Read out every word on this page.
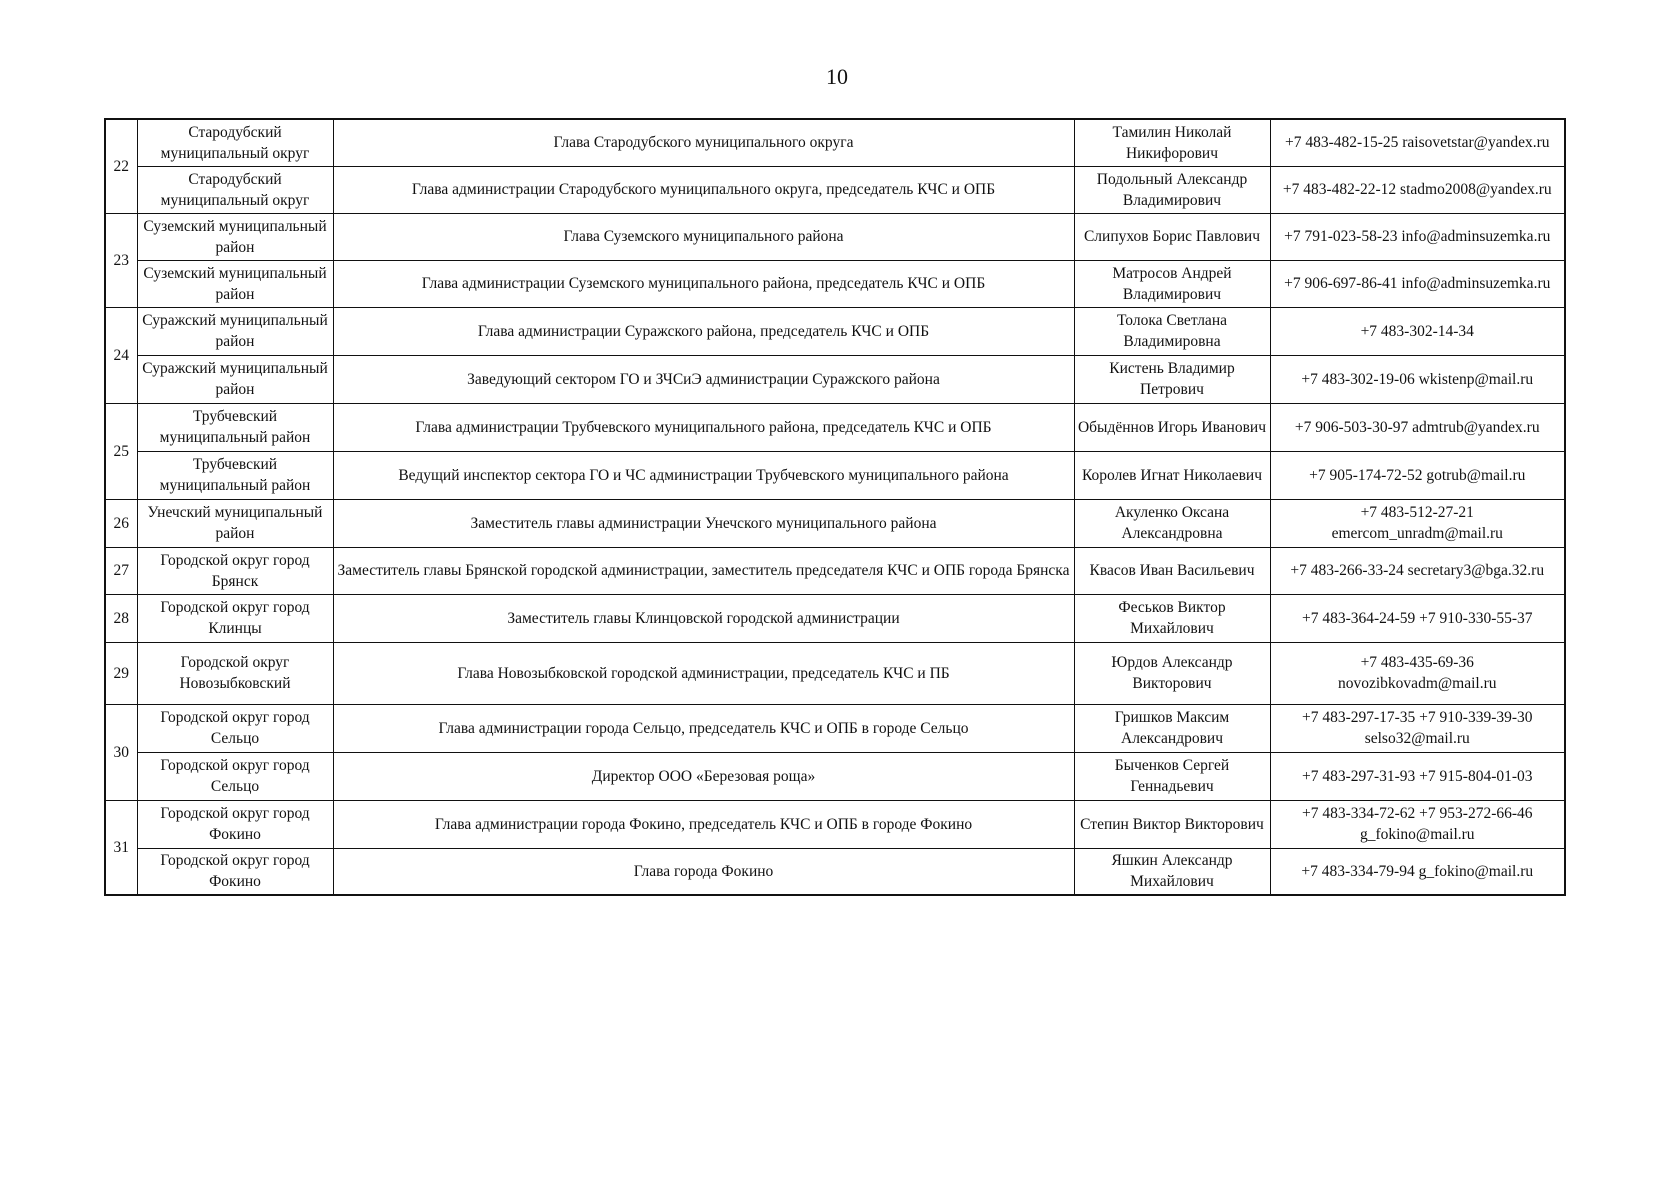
10
22	Стародубский муниципальный округ	Глава Стародубского муниципального округа	Тамилин Николай Никифорович	+7 483-482-15-25 raisovetstar@yandex.ru

	Стародубский муниципальный округ	Глава администрации Стародубского муниципального округа, председатель КЧС и ОПБ	Подольный Александр Владимирович	+7 483-482-22-12 stadmo2008@yandex.ru

23	Суземский муниципальный район	Глава Суземского муниципального района	Слипухов Борис Павлович	+7 791-023-58-23 info@adminsuzemka.ru

	Суземский муниципальный район	Глава администрации Суземского муниципального района, председатель КЧС и ОПБ	Матросов Андрей Владимирович	+7 906-697-86-41 info@adminsuzemka.ru

24	Суражский муниципальный район	Глава администрации Суражского района, председатель КЧС и ОПБ	Толока Светлана Владимировна	+7 483-302-14-34

	Суражский муниципальный район	Заведующий сектором ГО и ЗЧСиЭ администрации Суражского района	Кистень Владимир Петрович	+7 483-302-19-06 wkistenp@mail.ru

25	Трубчевский муниципальный район	Глава администрации Трубчевского муниципального района, председатель КЧС и ОПБ	Обыдённов Игорь Иванович	+7 906-503-30-97 admtrub@yandex.ru

	Трубчевский муниципальный район	Ведущий инспектор сектора ГО и ЧС администрации Трубчевского муниципального района	Королев Игнат Николаевич	+7 905-174-72-52 gotrub@mail.ru

26	Унечский муниципальный район	Заместитель главы администрации Унечского муниципального района	Акуленко Оксана Александровна	+7 483-512-27-21
emercom_unradm@mail.ru

27	Городской округ город Брянск	Заместитель главы Брянской городской администрации, заместитель председателя КЧС и ОПБ города Брянска	Квасов Иван Васильевич	+7 483-266-33-24 secretary3@bga.32.ru

28	Городской округ город Клинцы	Заместитель главы Клинцовской городской администрации	Феськов Виктор Михайлович	+7 483-364-24-59 +7 910-330-55-37

29	Городской округ Новозыбковский	Глава Новозыбковской городской администрации, председатель КЧС и ПБ	Юрдов Александр Викторович	+7 483-435-69-36
novozibkovadm@mail.ru

30	Городской округ город Сельцо	Глава администрации города Сельцо, председатель КЧС и ОПБ в городе Сельцо	Гришков Максим Александрович	+7 483-297-17-35 +7 910-339-39-30
selso32@mail.ru

	Городской округ город Сельцо	Директор ООО «Березовая роща»	Быченков Сергей Геннадьевич	+7 483-297-31-93 +7 915-804-01-03

31	Городской округ город Фокино	Глава администрации города Фокино, председатель КЧС и ОПБ в городе Фокино	Степин Виктор Викторович	+7 483-334-72-62 +7 953-272-66-46
g_fokino@mail.ru

	Городской округ город Фокино	Глава города Фокино	Яшкин Александр Михайлович	+7 483-334-79-94 g_fokino@mail.ru
